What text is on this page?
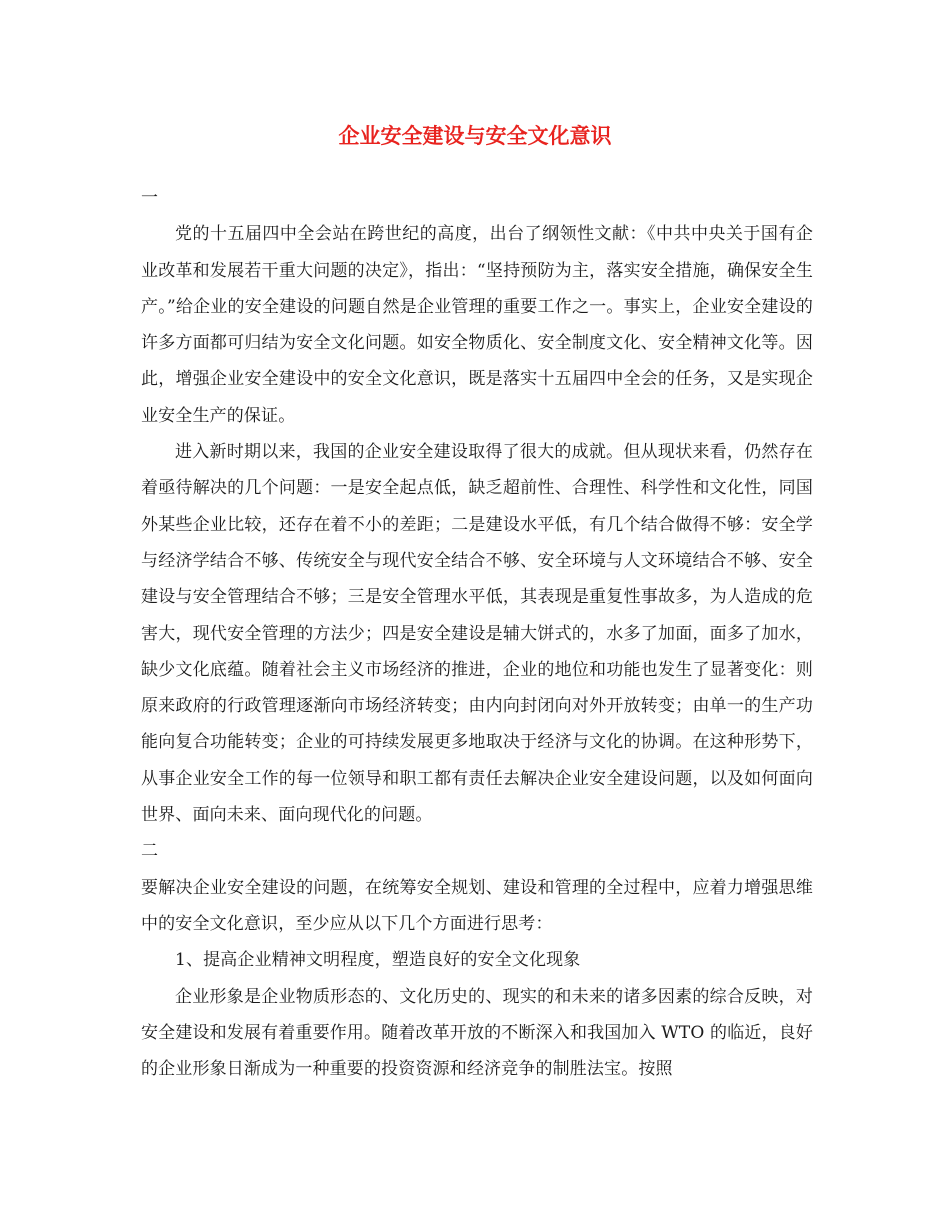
企业安全建设与安全文化意识

一

党的十五届四中全会站在跨世纪的高度，出台了纲领性文献：《中共中央关于国有企业改革和发展若干重大问题的决定》，指出：“坚持预防为主，落实安全措施，确保安全生产。”给企业的安全建设的问题自然是企业管理的重要工作之一。事实上，企业安全建设的许多方面都可归结为安全文化问题。如安全物质化、安全制度文化、安全精神文化等。因此，增强企业安全建设中的安全文化意识，既是落实十五届四中全会的任务，又是实现企业安全生产的保证。

进入新时期以来，我国的企业安全建设取得了很大的成就。但从现状来看，仍然存在着亟待解决的几个问题：一是安全起点低，缺乏超前性、合理性、科学性和文化性，同国外某些企业比较，还存在着不小的差距；二是建设水平低，有几个结合做得不够：安全学与经济学结合不够、传统安全与现代安全结合不够、安全环境与人文环境结合不够、安全建设与安全管理结合不够；三是安全管理水平低，其表现是重复性事故多，为人造成的危害大，现代安全管理的方法少；四是安全建设是辅大饼式的，水多了加面，面多了加水，缺少文化底蕴。随着社会主义市场经济的推进，企业的地位和功能也发生了显著变化：则原来政府的行政管理逐渐向市场经济转变；由内向封闭向对外开放转变；由单一的生产功能向复合功能转变；企业的可持续发展更多地取决于经济与文化的协调。在这种形势下，从事企业安全工作的每一位领导和职工都有责任去解决企业安全建设问题，以及如何面向世界、面向未来、面向现代化的问题。

二

要解决企业安全建设的问题，在统筹安全规划、建设和管理的全过程中，应着力增强思维中的安全文化意识，至少应从以下几个方面进行思考：

1、提高企业精神文明程度，塑造良好的安全文化现象

企业形象是企业物质形态的、文化历史的、现实的和未来的诸多因素的综合反映，对安全建设和发展有着重要作用。随着改革开放的不断深入和我国加入 WTO 的临近，良好的企业形象日渐成为一种重要的投资资源和经济竞争的制胜法宝。按照
